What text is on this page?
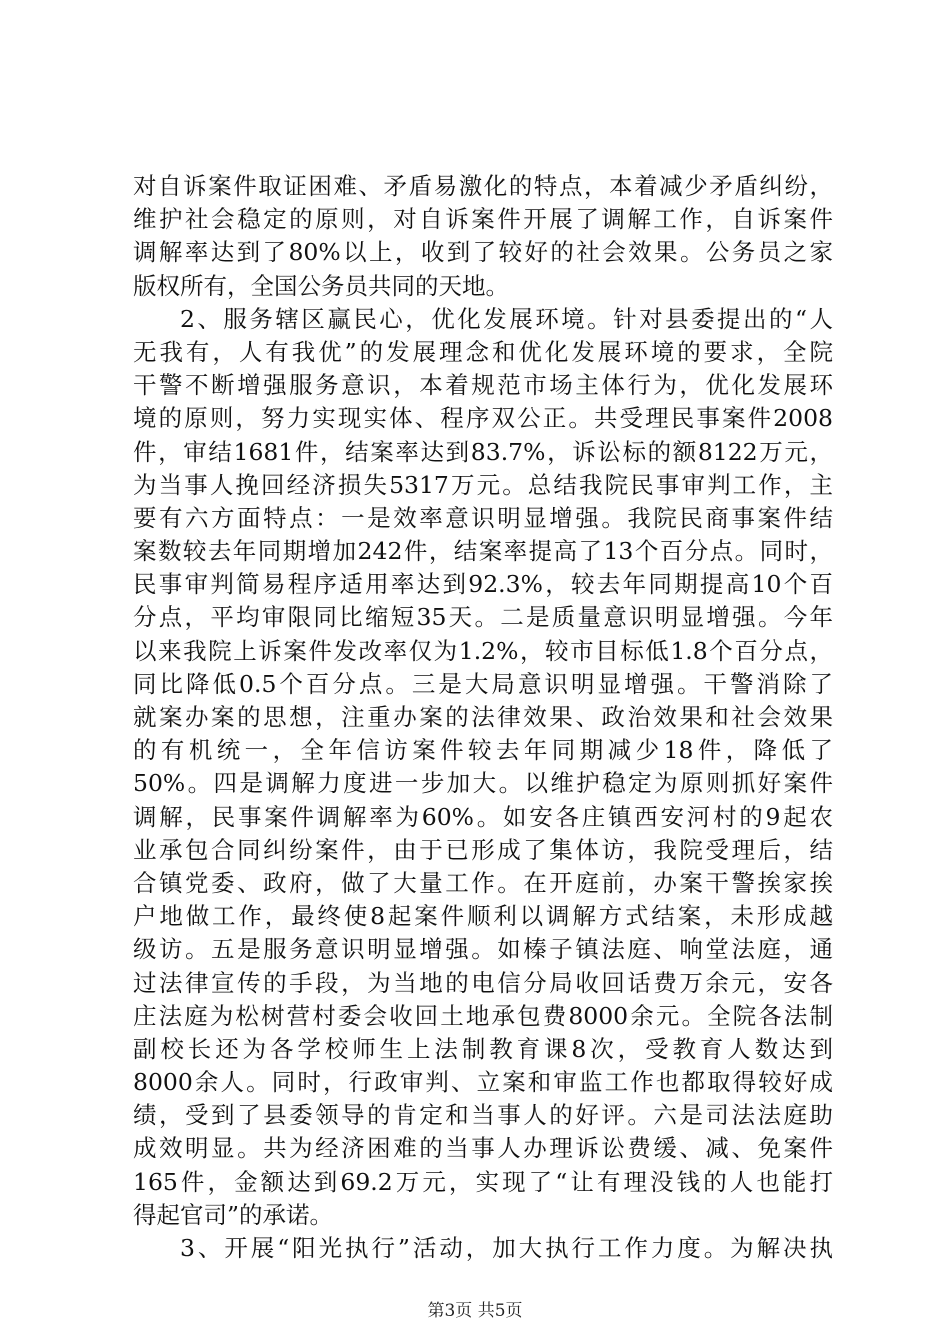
对自诉案件取证困难、矛盾易激化的特点，本着减少矛盾纠纷，
维护社会稳定的原则，对自诉案件开展了调解工作，自诉案件
调解率达到了80%以上，收到了较好的社会效果。公务员之家
版权所有，全国公务员共同的天地。
2、服务辖区赢民心，优化发展环境。针对县委提出的“人
无我有，人有我优”的发展理念和优化发展环境的要求，全院
干警不断增强服务意识，本着规范市场主体行为，优化发展环
境的原则，努力实现实体、程序双公正。共受理民事案件2008
件，审结1681件，结案率达到83.7%，诉讼标的额8122万元，
为当事人挽回经济损失5317万元。总结我院民事审判工作，主
要有六方面特点：一是效率意识明显增强。我院民商事案件结
案数较去年同期增加242件，结案率提高了13个百分点。同时，
民事审判简易程序适用率达到92.3%，较去年同期提高10个百
分点，平均审限同比缩短35天。二是质量意识明显增强。今年
以来我院上诉案件发改率仅为1.2%，较市目标低1.8个百分点，
同比降低0.5个百分点。三是大局意识明显增强。干警消除了
就案办案的思想，注重办案的法律效果、政治效果和社会效果
的有机统一，全年信访案件较去年同期减少18件，降低了
50%。四是调解力度进一步加大。以维护稳定为原则抓好案件
调解，民事案件调解率为60%。如安各庄镇西安河村的9起农
业承包合同纠纷案件，由于已形成了集体访，我院受理后，结
合镇党委、政府，做了大量工作。在开庭前，办案干警挨家挨
户地做工作，最终使8起案件顺利以调解方式结案，未形成越
级访。五是服务意识明显增强。如榛子镇法庭、响堂法庭，通
过法律宣传的手段，为当地的电信分局收回话费万余元，安各
庄法庭为松树营村委会收回土地承包费8000余元。全院各法制
副校长还为各学校师生上法制教育课8次，受教育人数达到
8000余人。同时，行政审判、立案和审监工作也都取得较好成
绩，受到了县委领导的肯定和当事人的好评。六是司法法庭助
成效明显。共为经济困难的当事人办理诉讼费缓、减、免案件
165件，金额达到69.2万元，实现了“让有理没钱的人也能打
得起官司”的承诺。
3、开展“阳光执行”活动，加大执行工作力度。为解决执
第3页 共5页
